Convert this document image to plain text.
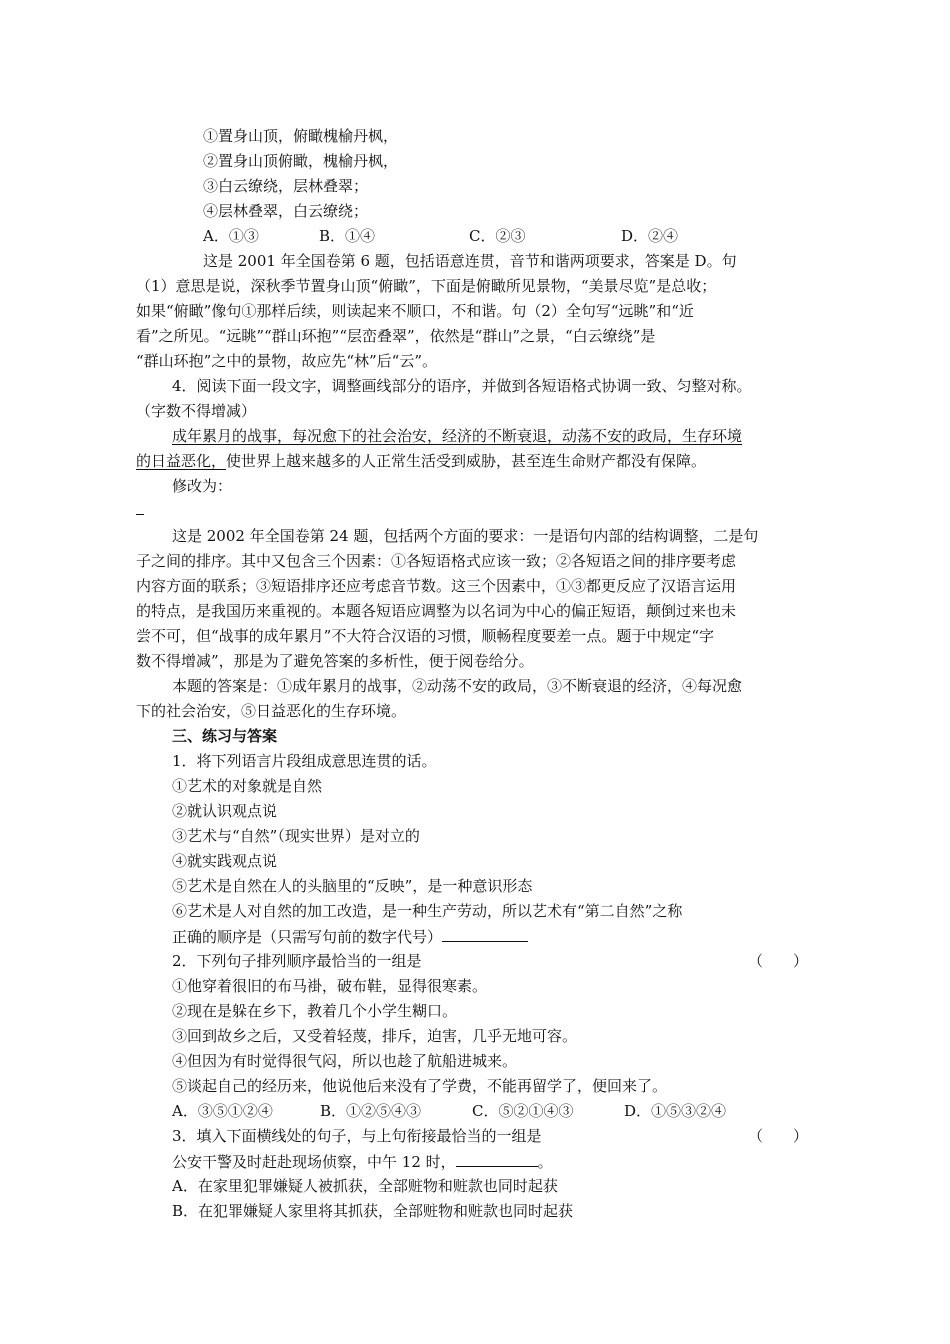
①置身山顶，俯瞰槐榆丹枫，
②置身山顶俯瞰，槐榆丹枫，
③白云缭绕，层林叠翠；
④层林叠翠，白云缭绕；
A．①③	B．①④	C．②③	D．②④
这是 2001 年全国卷第 6 题，包括语意连贯，音节和谐两项要求，答案是 D。句
（1）意思是说，深秋季节置身山顶“俯瞰”，下面是俯瞰所见景物，“美景尽览”是总收；
如果“俯瞰”像句①那样后续，则读起来不顺口，不和谐。句（2）全句写“远眺”和“近
看”之所见。“远眺”“群山环抱”“层峦叠翠”，依然是“群山”之景，“白云缭绕”是
“群山环抱”之中的景物，故应先“林”后“云”。
4．阅读下面一段文字，调整画线部分的语序，并做到各短语格式协调一致、匀整对称。
（字数不得增减）
成年累月的战事，每况愈下的社会治安，经济的不断衰退，动荡不安的政局，生存环境
的日益恶化，使世界上越来越多的人正常生活受到威胁，甚至连生命财产都没有保障。
修改为：
这是 2002 年全国卷第 24 题，包括两个方面的要求：一是语句内部的结构调整，二是句
子之间的排序。其中又包含三个因素：①各短语格式应该一致；②各短语之间的排序要考虑
内容方面的联系；③短语排序还应考虑音节数。这三个因素中，①③都更反应了汉语言运用
的特点，是我国历来重视的。本题各短语应调整为以名词为中心的偏正短语，颠倒过来也未
尝不可，但“战事的成年累月”不大符合汉语的习惯，顺畅程度要差一点。题于中规定“字
数不得增减”，那是为了避免答案的多析性，便于阅卷给分。
本题的答案是：①成年累月的战事，②动荡不安的政局，③不断衰退的经济，④每况愈
下的社会治安，⑤日益恶化的生存环境。
三、练习与答案
1．将下列语言片段组成意思连贯的话。
①艺术的对象就是自然
②就认识观点说
③艺术与“自然”（现实世界）是对立的
④就实践观点说
⑤艺术是自然在人的头脑里的“反映”，是一种意识形态
⑥艺术是人对自然的加工改造，是一种生产劳动，所以艺术有“第二自然”之称
正确的顺序是（只需写句前的数字代号）
2．下列句子排列顺序最恰当的一组是	（　　）
①他穿着很旧的布马褂，破布鞋，显得很寒素。
②现在是躲在乡下，教着几个小学生糊口。
③回到故乡之后，又受着轻蔑，排斥，迫害，几乎无地可容。
④但因为有时觉得很气闷，所以也趁了航船进城来。
⑤谈起自己的经历来，他说他后来没有了学费，不能再留学了，便回来了。
A．③⑤①②④	B．①②⑤④③	C．⑤②①④③	D．①⑤③②④
3．填入下面横线处的句子，与上句衔接最恰当的一组是	（　　）
公安干警及时赶赴现场侦察，中午 12 时，	。
A．在家里犯罪嫌疑人被抓获，全部赃物和赃款也同时起获
B．在犯罪嫌疑人家里将其抓获，全部赃物和赃款也同时起获
